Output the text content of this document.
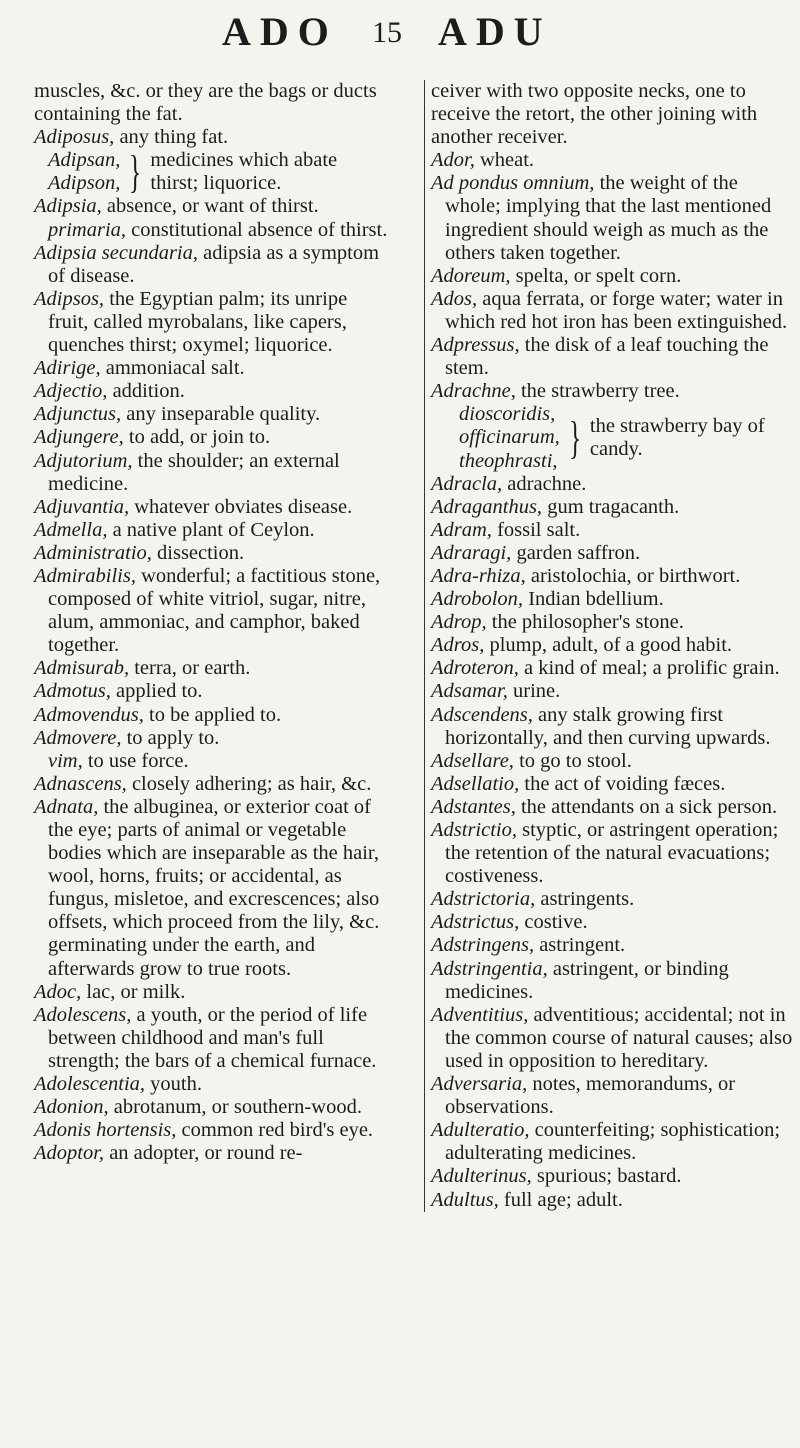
ADO 15 ADU
muscles, &c. or they are the bags or ducts containing the fat.
Adiposus, any thing fat.
Adipsan,
Adipson, } medicines which abate thirst; liquorice.
Adipsia, absence, or want of thirst.
primaria, constitutional absence of thirst.
Adipsia secundaria, adipsia as a symptom of disease.
Adipsos, the Egyptian palm; its unripe fruit, called myrobalans, like capers, quenches thirst; oxymel; liquorice.
Adirige, ammoniacal salt.
Adjectio, addition.
Adjunctus, any inseparable quality.
Adjungere, to add, or join to.
Adjutorium, the shoulder; an external medicine.
Adjuvantia, whatever obviates disease.
Admella, a native plant of Ceylon.
Administratio, dissection.
Admirabilis, wonderful; a factitious stone, composed of white vitriol, sugar, nitre, alum, ammoniac, and camphor, baked together.
Admisurab, terra, or earth.
Admotus, applied to.
Admovendus, to be applied to.
Admovere, to apply to.
vim, to use force.
Adnascens, closely adhering; as hair, &c.
Adnata, the albuginea, or exterior coat of the eye; parts of animal or vegetable bodies which are inseparable as the hair, wool, horns, fruits; or accidental, as fungus, misletoe, and excrescences; also offsets, which proceed from the lily, &c. germinating under the earth, and afterwards grow to true roots.
Adoc, lac, or milk.
Adolescens, a youth, or the period of life between childhood and man's full strength; the bars of a chemical furnace.
Adolescentia, youth.
Adonion, abrotanum, or southern-wood.
Adonis hortensis, common red bird's eye.
Adoptor, an adopter, or round re-
ceiver with two opposite necks, one to receive the retort, the other joining with another receiver.
Ador, wheat.
Ad pondus omnium, the weight of the whole; implying that the last mentioned ingredient should weigh as much as the others taken together.
Adoreum, spelta, or spelt corn.
Ados, aqua ferrata, or forge water; water in which red hot iron has been extinguished.
Adpressus, the disk of a leaf touching the stem.
Adrachne, the strawberry tree.
dioscoridis,
officinarum,
theophrasti, } the strawberry bay of candy.
Adracla, adrachne.
Adraganthus, gum tragacanth.
Adram, fossil salt.
Adraragi, garden saffron.
Adra-rhiza, aristolochia, or birthwort.
Adrobolon, Indian bdellium.
Adrop, the philosopher's stone.
Adros, plump, adult, of a good habit.
Adroteron, a kind of meal; a prolific grain.
Adsamar, urine.
Adscendens, any stalk growing first horizontally, and then curving upwards.
Adsellare, to go to stool.
Adsellatio, the act of voiding fæces.
Adstantes, the attendants on a sick person.
Adstrictio, styptic, or astringent operation; the retention of the natural evacuations; costiveness.
Adstrictoria, astringents.
Adstrictus, costive.
Adstringens, astringent.
Adstringentia, astringent, or binding medicines.
Adventitius, adventitious; accidental; not in the common course of natural causes; also used in opposition to hereditary.
Adversaria, notes, memorandums, or observations.
Adulteratio, counterfeiting; sophistication; adulterating medicines.
Adulterinus, spurious; bastard.
Adultus, full age; adult.
